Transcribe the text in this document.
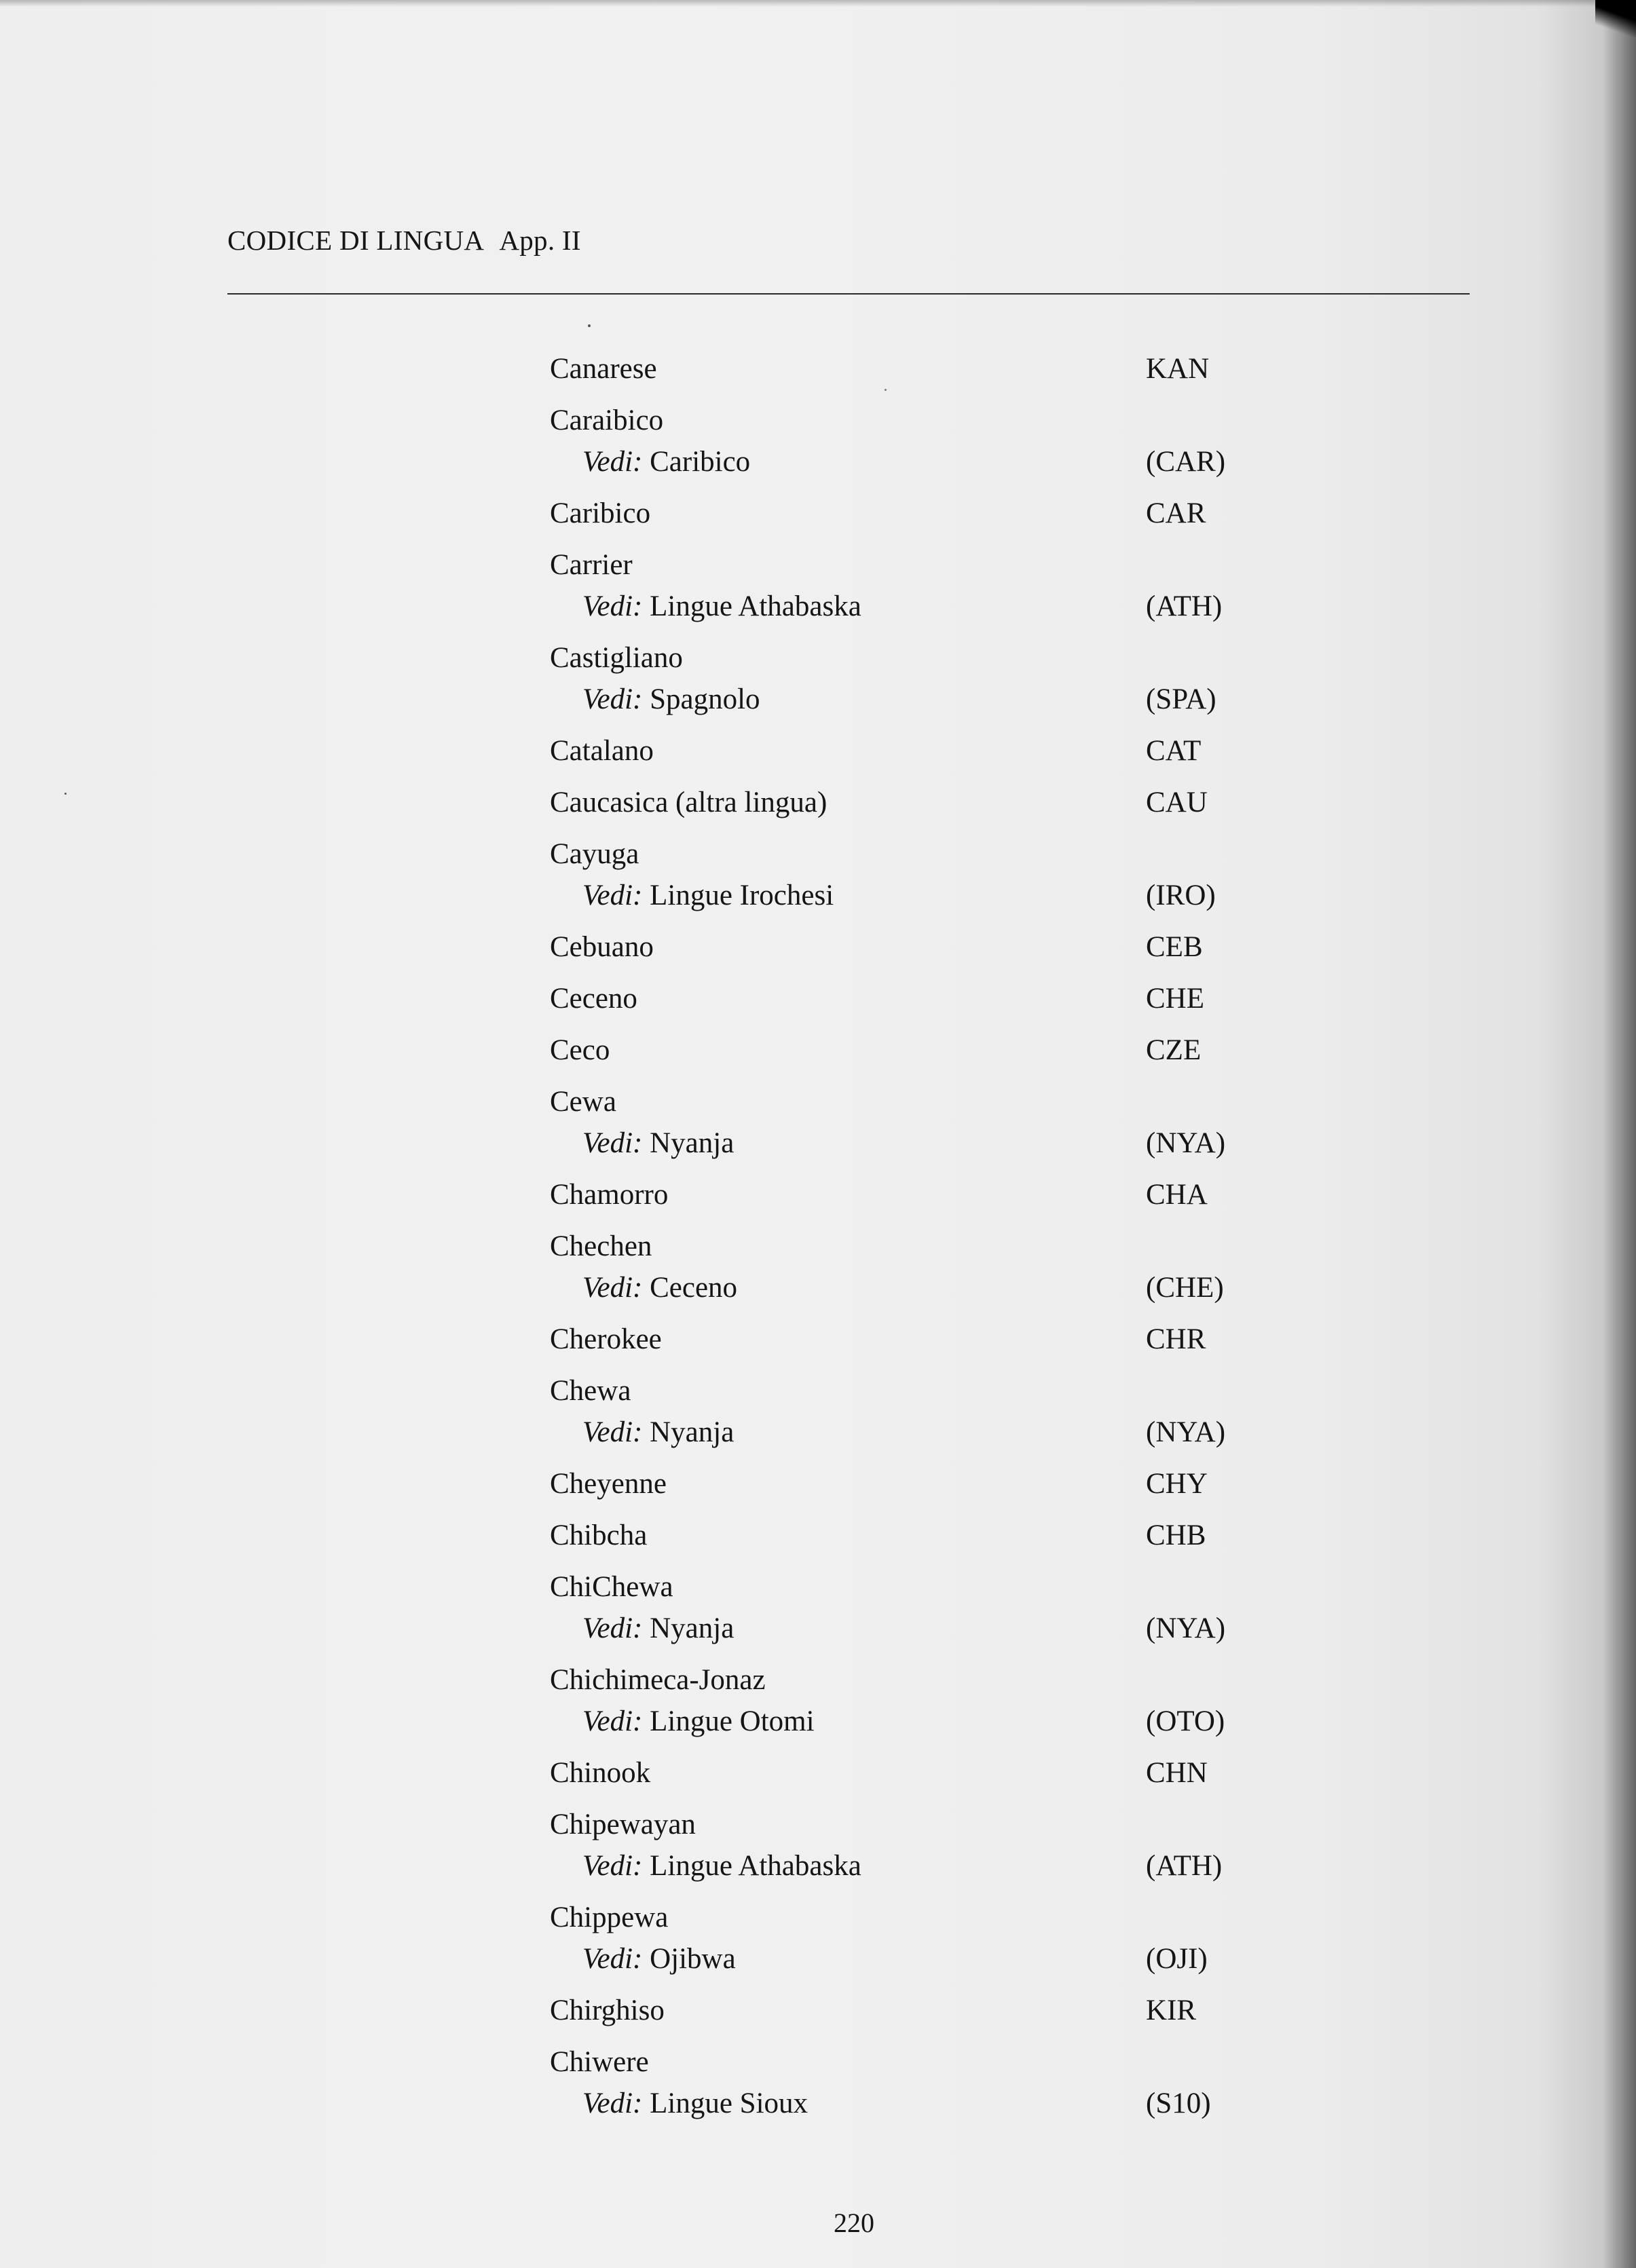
CODICE DI LINGUA App. II
Canarese	KAN
Caraibico
Vedi: Caribico	(CAR)
Caribico	CAR
Carrier
Vedi: Lingue Athabaska	(ATH)
Castigliano
Vedi: Spagnolo	(SPA)
Catalano	CAT
Caucasica (altra lingua)	CAU
Cayuga
Vedi: Lingue Irochesi	(IRO)
Cebuano	CEB
Ceceno	CHE
Ceco	CZE
Cewa
Vedi: Nyanja	(NYA)
Chamorro	CHA
Chechen
Vedi: Ceceno	(CHE)
Cherokee	CHR
Chewa
Vedi: Nyanja	(NYA)
Cheyenne	CHY
Chibcha	CHB
ChiChewa
Vedi: Nyanja	(NYA)
Chichimeca-Jonaz
Vedi: Lingue Otomi	(OTO)
Chinook	CHN
Chipewayan
Vedi: Lingue Athabaska	(ATH)
Chippewa
Vedi: Ojibwa	(OJI)
Chirghiso	KIR
Chiwere
Vedi: Lingue Sioux	(S10)
220
